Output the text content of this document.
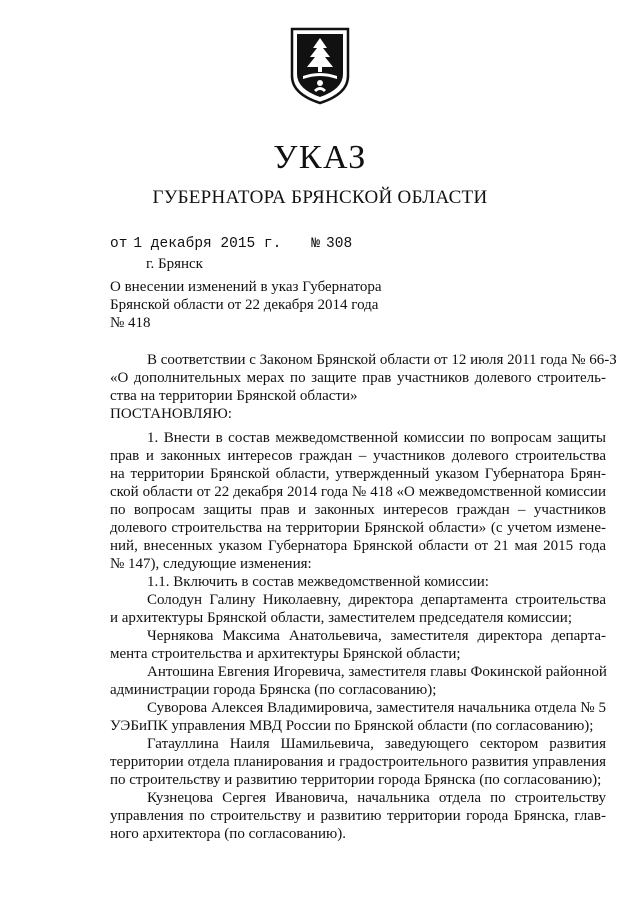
УКАЗ
ГУБЕРНАТОРА БРЯНСКОЙ ОБЛАСТИ
от 1 декабря 2015 г. № 308
г. Брянск
О внесении изменений в указ Губернатора
Брянской области от 22 декабря 2014 года
№ 418
В соответствии с Законом Брянской области от 12 июля 2011 года № 66-З
«О дополнительных мерах по защите прав участников долевого строитель-
ства на территории Брянской области»
ПОСТАНОВЛЯЮ:
1. Внести в состав межведомственной комиссии по вопросам защиты
прав и законных интересов граждан – участников долевого строительства
на территории Брянской области, утвержденный указом Губернатора Брян-
ской области от 22 декабря 2014 года № 418 «О межведомственной комиссии
по вопросам защиты прав и законных интересов граждан – участников
долевого строительства на территории Брянской области» (с учетом измене-
ний, внесенных указом Губернатора Брянской области от 21 мая 2015 года
№ 147), следующие изменения:
1.1. Включить в состав межведомственной комиссии:
Солодун Галину Николаевну, директора департамента строительства
и архитектуры Брянской области, заместителем председателя комиссии;
Чернякова Максима Анатольевича, заместителя директора департа-
мента строительства и архитектуры Брянской области;
Антошина Евгения Игоревича, заместителя главы Фокинской районной
администрации города Брянска (по согласованию);
Суворова Алексея Владимировича, заместителя начальника отдела № 5
УЭБиПК управления МВД России по Брянской области (по согласованию);
Гатауллина Наиля Шамильевича, заведующего сектором развития
территории отдела планирования и градостроительного развития управления
по строительству и развитию территории города Брянска (по согласованию);
Кузнецова Сергея Ивановича, начальника отдела по строительству
управления по строительству и развитию территории города Брянска, глав-
ного архитектора (по согласованию).
